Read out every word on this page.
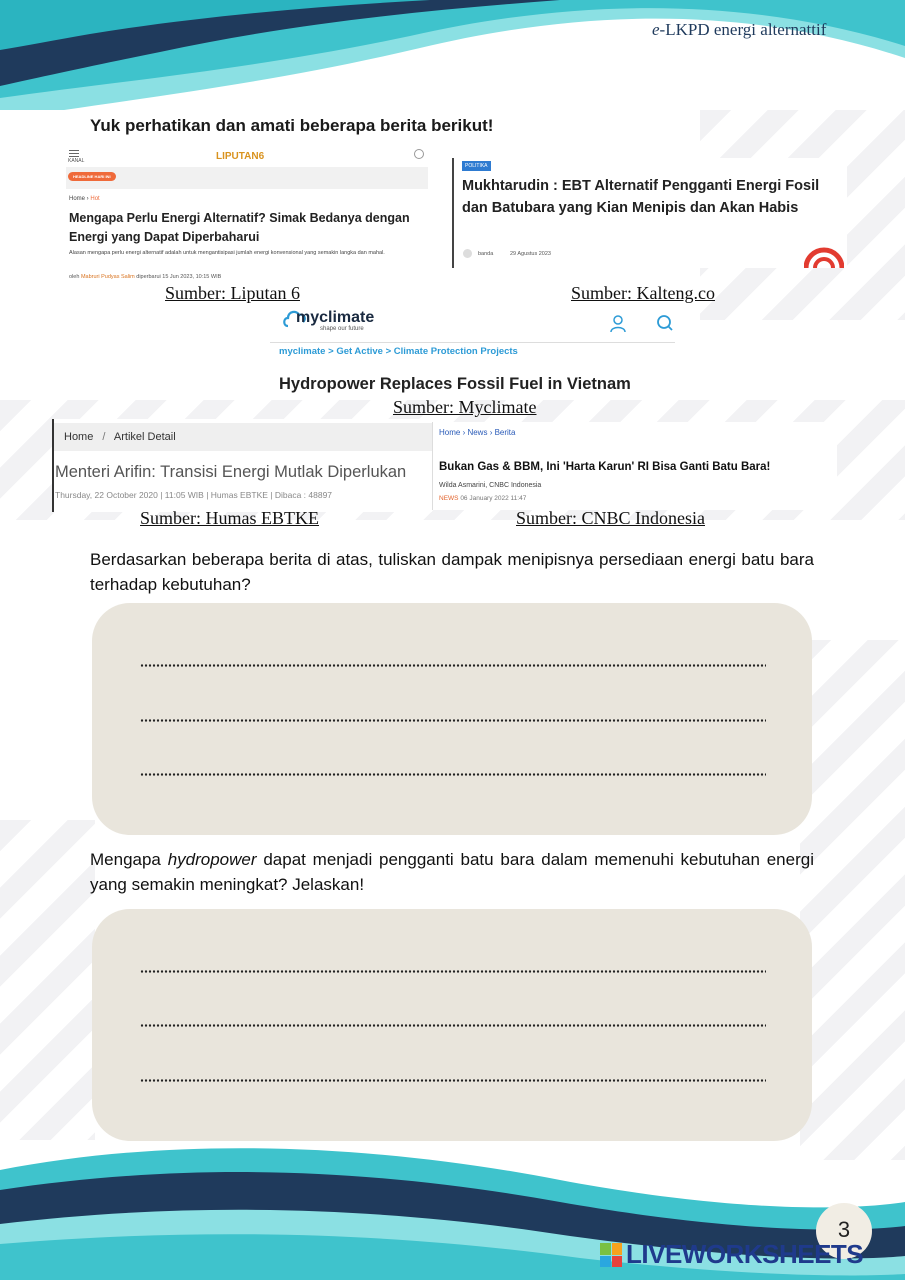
e-LKPD energi alternattif
Yuk perhatikan dan amati beberapa berita berikut!
KANAL	LIPUTAN6
HEADLINE HARI INI
Home › Hot
Mengapa Perlu Energi Alternatif? Simak Bedanya dengan Energi yang Dapat Diperbaharui
Alasan mengapa perlu energi alternatif adalah untuk mengantisipasi jumlah energi konvensional yang semakin langka dan mahal.
oleh Mabruri Pudyas Salim diperbarui 15 Jun 2023, 10:15 WIB
POLITIKA
Mukhtarudin : EBT Alternatif Pengganti Energi Fosil dan Batubara yang Kian Menipis dan Akan Habis
banda	29 Agustus 2023
Sumber: Liputan 6	Sumber: Kalteng.co
myclimate
shape our future
myclimate > Get Active > Climate Protection Projects
Hydropower Replaces Fossil Fuel in Vietnam
Sumber: Myclimate
Home / Artikel Detail
Menteri Arifin: Transisi Energi Mutlak Diperlukan
Thursday, 22 October 2020 | 11:05 WIB | Humas EBTKE | Dibaca : 48897
Home › News › Berita
Bukan Gas & BBM, Ini 'Harta Karun' RI Bisa Ganti Batu Bara!
Wilda Asmarini, CNBC Indonesia
NEWS 06 January 2022 11:47
Sumber: Humas EBTKE	Sumber: CNBC Indonesia
Berdasarkan beberapa berita di atas, tuliskan dampak menipisnya persediaan energi batu bara terhadap kebutuhan?
Mengapa hydropower dapat menjadi pengganti batu bara dalam memenuhi kebutuhan energi yang semakin meningkat? Jelaskan!
3
LIVEWORKSHEETS
